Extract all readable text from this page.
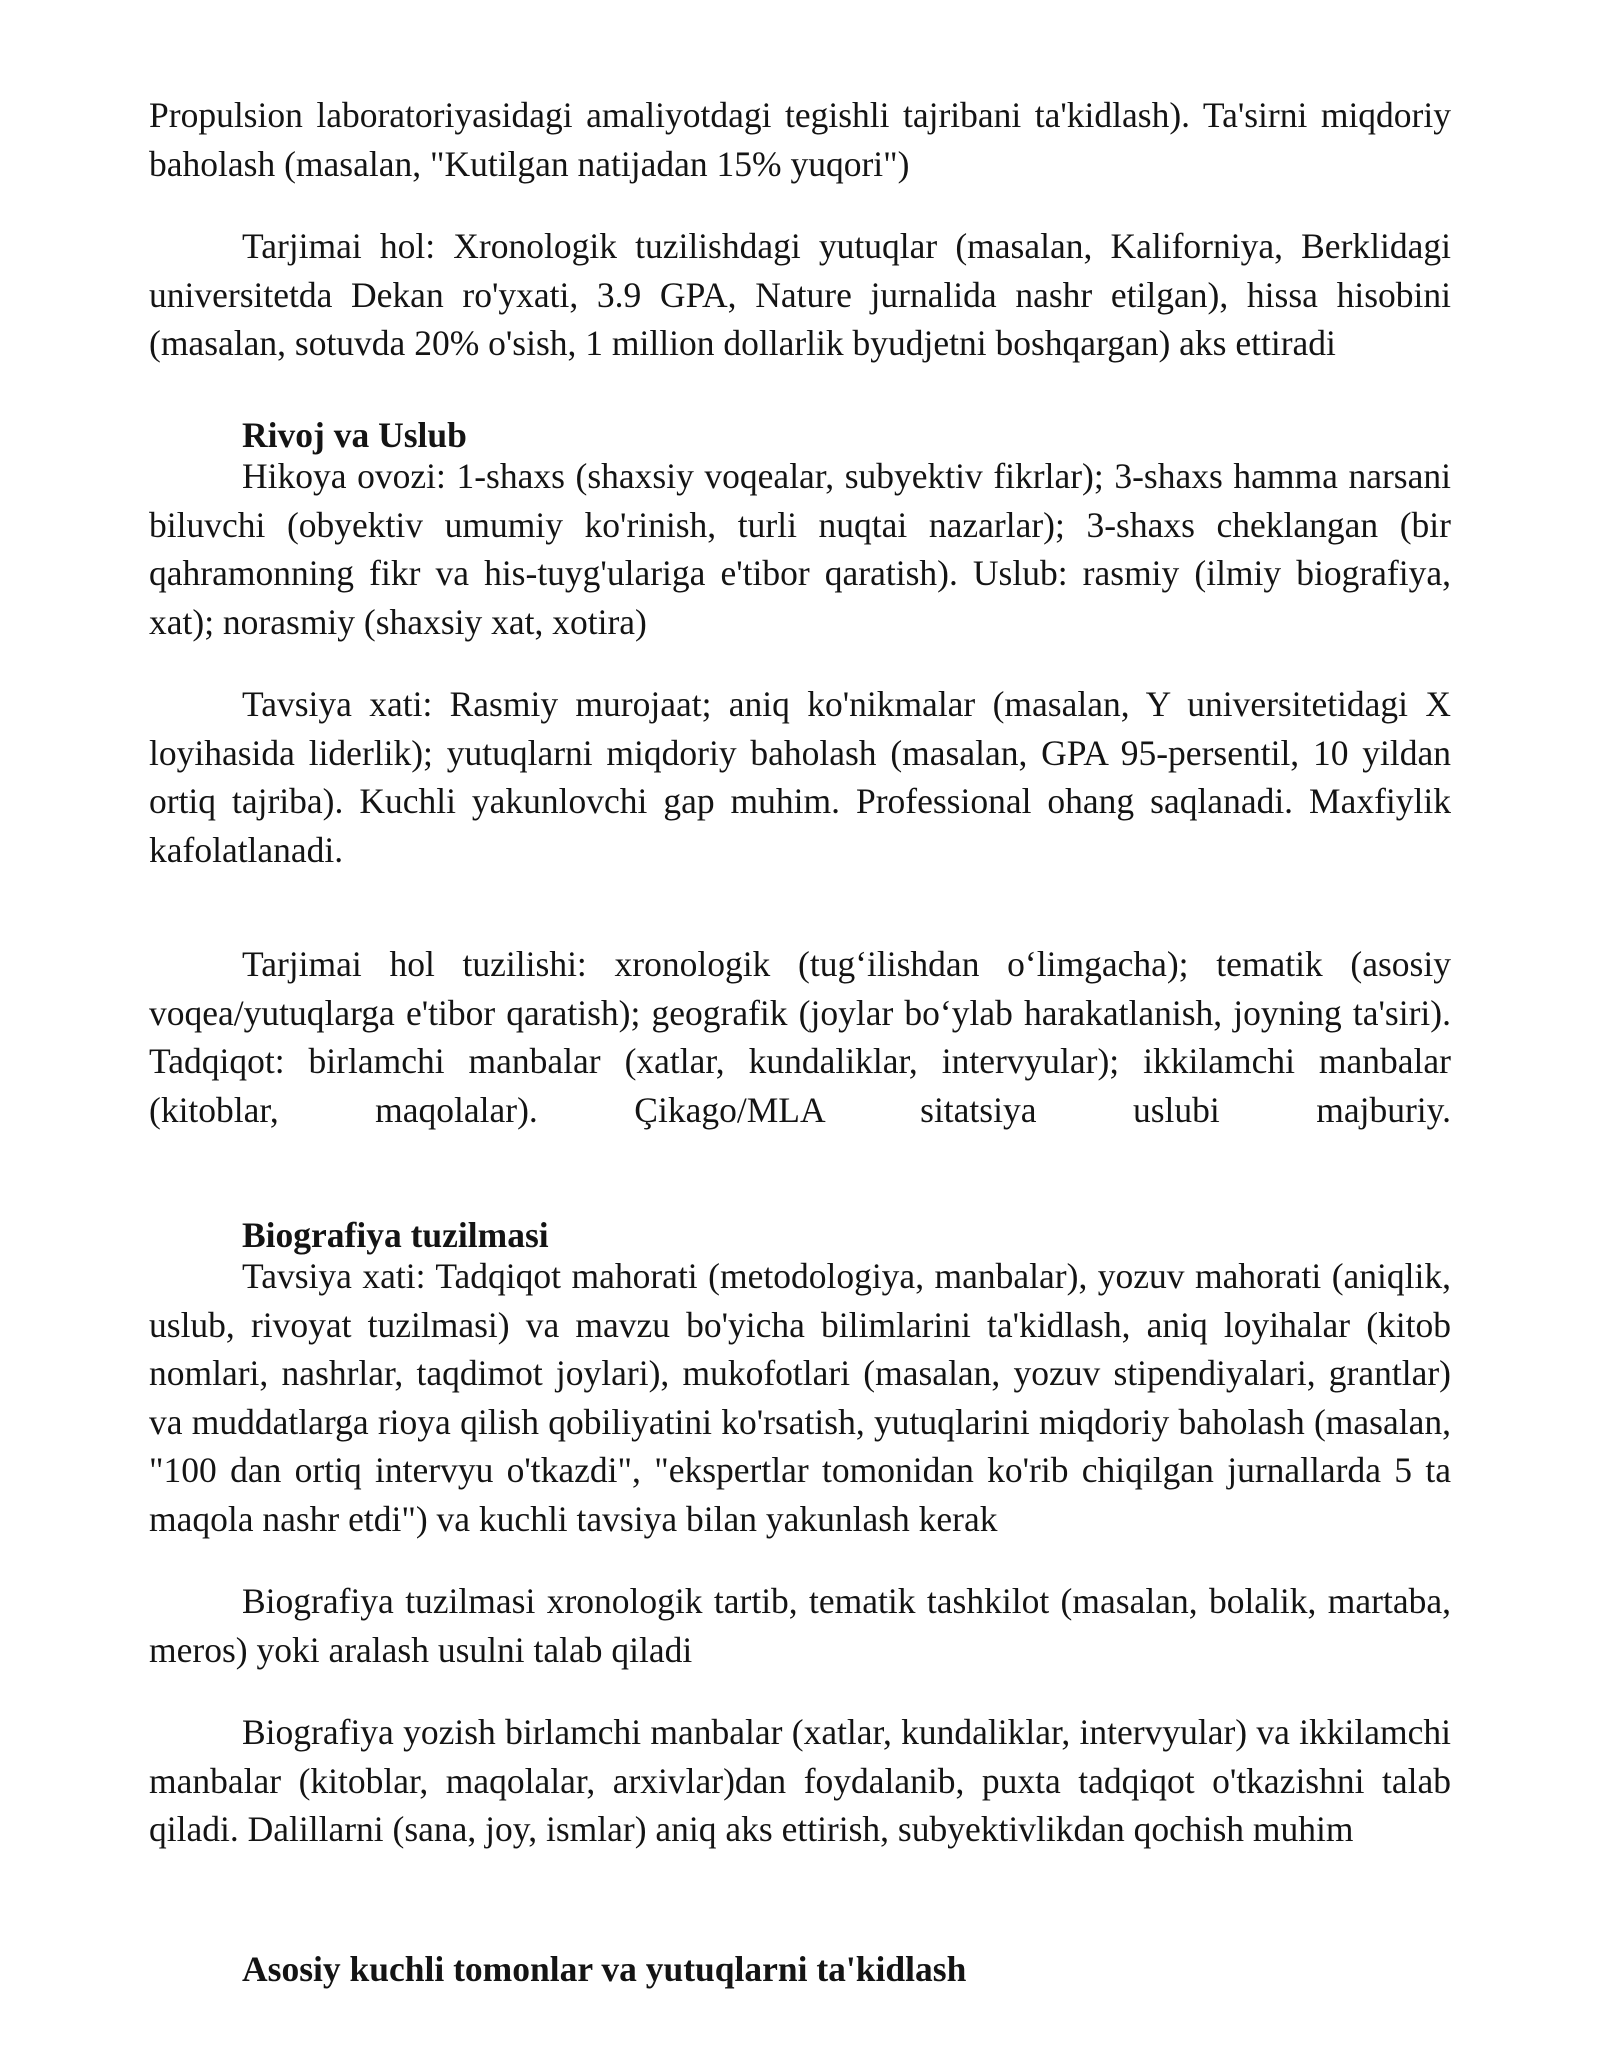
Propulsion laboratoriyasidagi amaliyotdagi tegishli tajribani ta'kidlash). Ta'sirni miqdoriy baholash (masalan, "Kutilgan natijadan 15% yuqori")

Tarjimai hol: Xronologik tuzilishdagi yutuqlar (masalan, Kaliforniya, Berklidagi universitetda Dekan ro'yxati, 3.9 GPA, Nature jurnalida nashr etilgan), hissa hisobini (masalan, sotuvda 20% o'sish, 1 million dollarlik byudjetni boshqargan) aks ettiradi

Rivoj va Uslub

Hikoya ovozi: 1-shaxs (shaxsiy voqealar, subyektiv fikrlar); 3-shaxs hamma narsani biluvchi (obyektiv umumiy ko'rinish, turli nuqtai nazarlar); 3-shaxs cheklangan (bir qahramonning fikr va his-tuyg'ulariga e'tibor qaratish). Uslub: rasmiy (ilmiy biografiya, xat); norasmiy (shaxsiy xat, xotira)

Tavsiya xati: Rasmiy murojaat; aniq ko'nikmalar (masalan, Y universitetidagi X loyihasida liderlik); yutuqlarni miqdoriy baholash (masalan, GPA 95-persentil, 10 yildan ortiq tajriba). Kuchli yakunlovchi gap muhim. Professional ohang saqlanadi. Maxfiylik kafolatlanadi.

Tarjimai hol tuzilishi: xronologik (tug‘ilishdan o‘limgacha); tematik (asosiy voqea/yutuqlarga e'tibor qaratish); geografik (joylar bo‘ylab harakatlanish, joyning ta'siri). Tadqiqot: birlamchi manbalar (xatlar, kundaliklar, intervyular); ikkilamchi manbalar (kitoblar, maqolalar). Çikago/MLA sitatsiya uslubi majburiy.

Biografiya tuzilmasi

Tavsiya xati: Tadqiqot mahorati (metodologiya, manbalar), yozuv mahorati (aniqlik, uslub, rivoyat tuzilmasi) va mavzu bo'yicha bilimlarini ta'kidlash, aniq loyihalar (kitob nomlari, nashrlar, taqdimot joylari), mukofotlari (masalan, yozuv stipendiyalari, grantlar) va muddatlarga rioya qilish qobiliyatini ko'rsatish, yutuqlarini miqdoriy baholash (masalan, "100 dan ortiq intervyu o'tkazdi", "ekspertlar tomonidan ko'rib chiqilgan jurnallarda 5 ta maqola nashr etdi") va kuchli tavsiya bilan yakunlash kerak

Biografiya tuzilmasi xronologik tartib, tematik tashkilot (masalan, bolalik, martaba, meros) yoki aralash usulni talab qiladi

Biografiya yozish birlamchi manbalar (xatlar, kundaliklar, intervyular) va ikkilamchi manbalar (kitoblar, maqolalar, arxivlar)dan foydalanib, puxta tadqiqot o'tkazishni talab qiladi. Dalillarni (sana, joy, ismlar) aniq aks ettirish, subyektivlikdan qochish muhim

Asosiy kuchli tomonlar va yutuqlarni ta'kidlash
